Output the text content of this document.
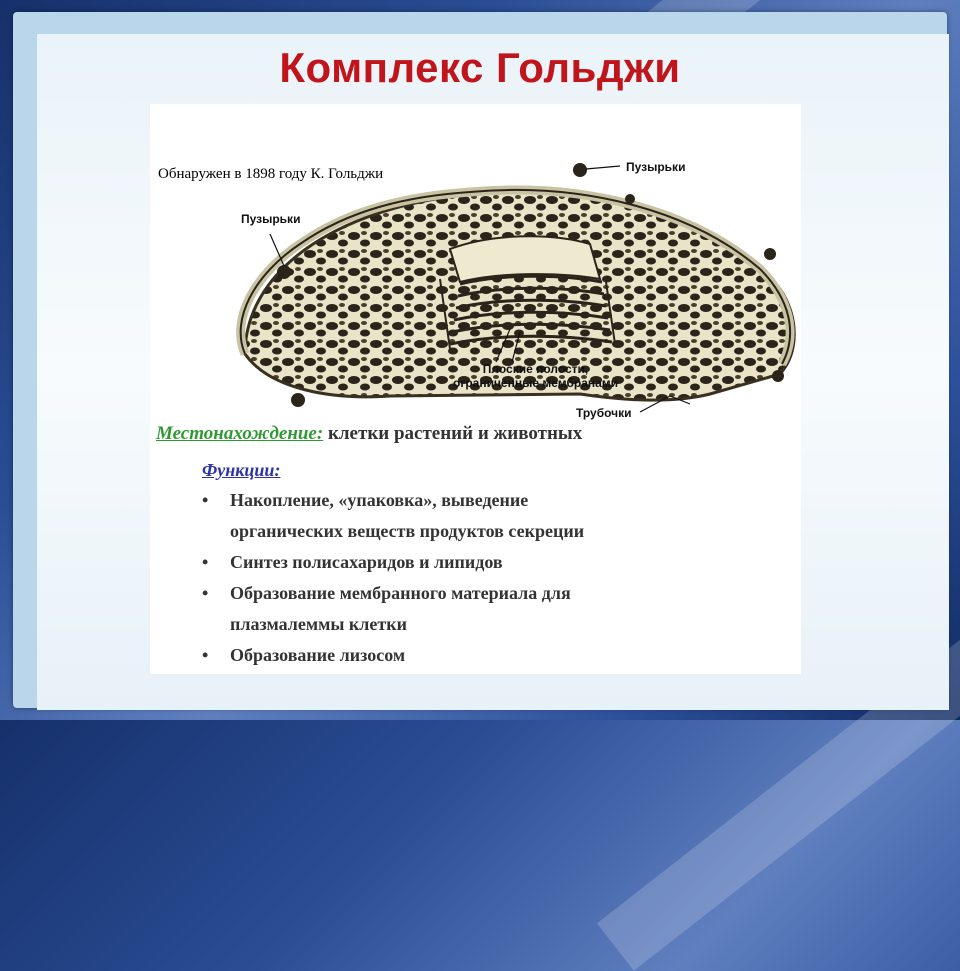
Комплекс Гольджи
Обнаружен в 1898 году К. Гольджи	Пузырьки
Пузырьки
Плоские полости,
ограниченные мембранами
Трубочки
Местонахождение: клетки растений и животных
Функции:
• Накопление, «упаковка», выведение
органических веществ продуктов секреции
• Синтез полисахаридов и липидов
• Образование мембранного материала для
плазмалеммы клетки
• Образование лизосом
